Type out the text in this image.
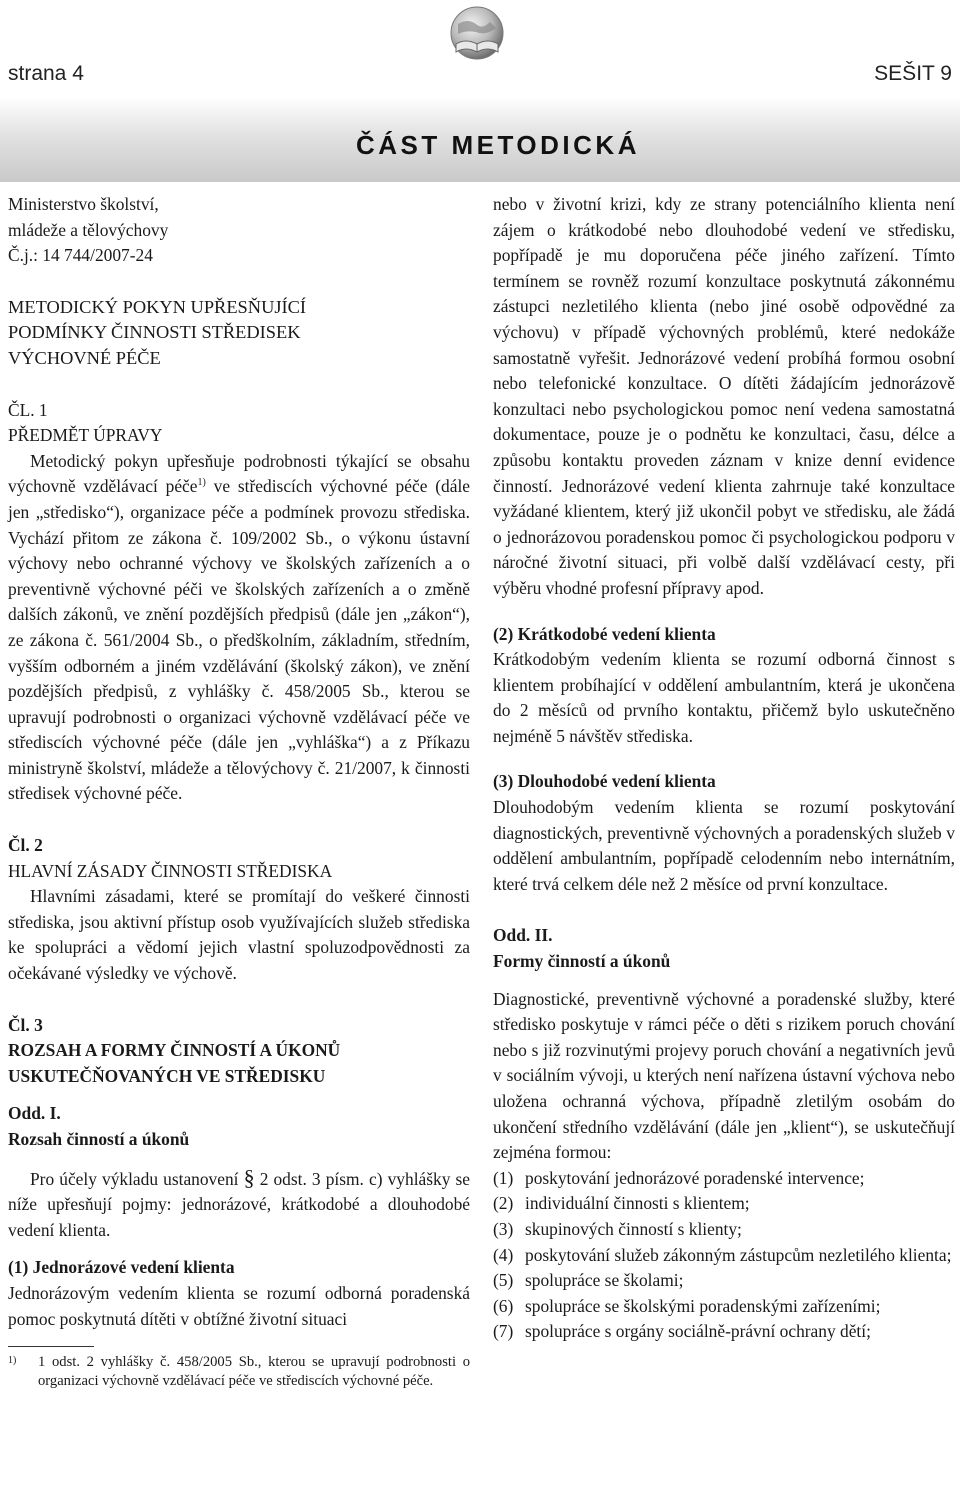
strana 4	SEŠIT 9
ČÁST METODICKÁ

Ministerstvo školství,

mládeže a tělovýchovy

Č.j.: 14 744/2007-24

METODICKÝ POKYN UPŘESŇUJÍCÍ

PODMÍNKY ČINNOSTI STŘEDISEK

VÝCHOVNÉ PÉČE

ČL. 1

PŘEDMĚT ÚPRAVY

Metodický pokyn upřesňuje podrobnosti týkající se obsahu výchovně vzdělávací péče$^{1)}$ ve střediscích výchovné péče (dále jen „středisko“), organizace péče a podmínek provozu střediska. Vychází přitom ze zákona č. 109/2002 Sb., o výkonu ústavní výchovy nebo ochranné výchovy ve školských zařízeních a o preventivně výchovné péči ve školských zařízeních a o změně dalších zákonů, ve znění pozdějších předpisů (dále jen „zákon“), ze zákona č. 561/2004 Sb., o předškolním, základním, středním, vyšším odborném a jiném vzdělávání (školský zákon), ve znění pozdějších předpisů, z vyhlášky č. 458/2005 Sb., kterou se upravují podrobnosti o organizaci výchovně vzdělávací péče ve střediscích výchovné péče (dále jen „vyhláška“) a z Příkazu ministryně školství, mládeže a tělovýchovy č. 21/2007, k činnosti středisek výchovné péče.

Čl. 2

HLAVNÍ ZÁSADY ČINNOSTI STŘEDISKA

Hlavními zásadami, které se promítají do veškeré činnosti střediska, jsou aktivní přístup osob využívajících služeb střediska ke spolupráci a vědomí jejich vlastní spoluzodpovědnosti za očekávané výsledky ve výchově.

Čl. 3

ROZSAH A FORMY ČINNOSTÍ A ÚKONŮ

USKUTEČŇOVANÝCH VE STŘEDISKU

Odd. I.

Rozsah činností a úkonů

Pro účely výkladu ustanovení § 2 odst. 3 písm. c) vyhlášky se níže upřesňují pojmy: jednorázové, krátkodobé a dlouhodobé vedení klienta.

(1) Jednorázové vedení klienta

Jednorázovým vedením klienta se rozumí odborná poradenská pomoc poskytnutá dítěti v obtížné životní situaci

1) 1 odst. 2 vyhlášky č. 458/2005 Sb., kterou se upravují podrobnosti o organizaci výchovně vzdělávací péče ve střediscích výchovné péče.

nebo v životní krizi, kdy ze strany potenciálního klienta není zájem o krátkodobé nebo dlouhodobé vedení ve středisku, popřípadě je mu doporučena péče jiného zařízení. Tímto termínem se rovněž rozumí konzultace poskytnutá zákonnému zástupci nezletilého klienta (nebo jiné osobě odpovědné za výchovu) v případě výchovných problémů, které nedokáže samostatně vyřešit. Jednorázové vedení probíhá formou osobní nebo telefonické konzultace. O dítěti žádajícím jednorázově konzultaci nebo psychologickou pomoc není vedena samostatná dokumentace, pouze je o podnětu ke konzultaci, času, délce a způsobu kontaktu proveden záznam v knize denní evidence činností. Jednorázové vedení klienta zahrnuje také konzultace vyžádané klientem, který již ukončil pobyt ve středisku, ale žádá o jednorázovou poradenskou pomoc či psychologickou podporu v náročné životní situaci, při volbě další vzdělávací cesty, při výběru vhodné profesní přípravy apod.

(2) Krátkodobé vedení klienta

Krátkodobým vedením klienta se rozumí odborná činnost s klientem probíhající v oddělení ambulantním, která je ukončena do 2 měsíců od prvního kontaktu, přičemž bylo uskutečněno nejméně 5 návštěv střediska.

(3) Dlouhodobé vedení klienta

Dlouhodobým vedením klienta se rozumí poskytování diagnostických, preventivně výchovných a poradenských služeb v oddělení ambulantním, popřípadě celodenním nebo internátním, které trvá celkem déle než 2 měsíce od první konzultace.

Odd. II.

Formy činností a úkonů

Diagnostické, preventivně výchovné a poradenské služby, které středisko poskytuje v rámci péče o děti s rizikem poruch chování nebo s již rozvinutými projevy poruch chování a negativních jevů v sociálním vývoji, u kterých není nařízena ústavní výchova nebo uložena ochranná výchova, případně zletilým osobám do ukončení středního vzdělávání (dále jen „klient“), se uskutečňují zejména formou:

(1) poskytování jednorázové poradenské intervence;
(2) individuální činnosti s klientem;
(3) skupinových činností s klienty;
(4) poskytování služeb zákonným zástupcům nezletilého klienta;
(5) spolupráce se školami;
(6) spolupráce se školskými poradenskými zařízeními;
(7) spolupráce s orgány sociálně-právní ochrany dětí;
